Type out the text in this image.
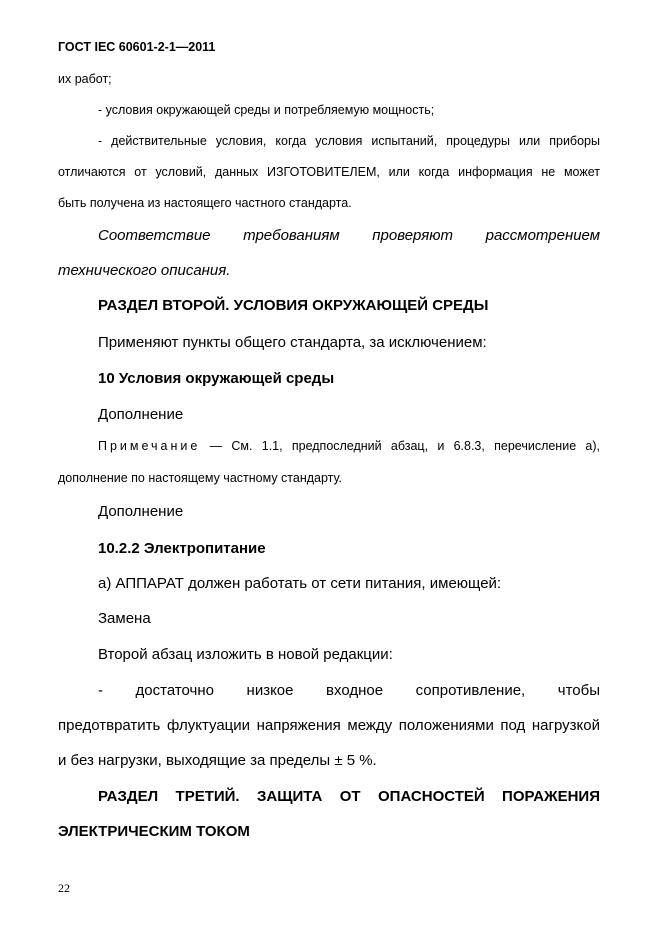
ГОСТ IEC 60601-2-1—2011
их работ;
- условия окружающей среды и потребляемую мощность;
- действительные условия, когда условия испытаний, процедуры или приборы
отличаются от условий, данных ИЗГОТОВИТЕЛЕМ, или когда информация не может
быть получена из настоящего частного стандарта.
Соответствие требованиям проверяют рассмотрением
технического описания.
РАЗДЕЛ ВТОРОЙ. УСЛОВИЯ ОКРУЖАЮЩЕЙ СРЕДЫ
Применяют пункты общего стандарта, за исключением:
10 Условия окружающей среды
Дополнение
Примечание — См. 1.1, предпоследний абзац, и 6.8.3, перечисление а),
дополнение по настоящему частному стандарту.
Дополнение
10.2.2 Электропитание
а) АППАРАТ должен работать от сети питания, имеющей:
Замена
Второй абзац изложить в новой редакции:
- достаточно низкое входное сопротивление, чтобы
предотвратить флуктуации напряжения между положениями под нагрузкой
и без нагрузки, выходящие за пределы ± 5 %.
РАЗДЕЛ ТРЕТИЙ. ЗАЩИТА ОТ ОПАСНОСТЕЙ ПОРАЖЕНИЯ
ЭЛЕКТРИЧЕСКИМ ТОКОМ
22
